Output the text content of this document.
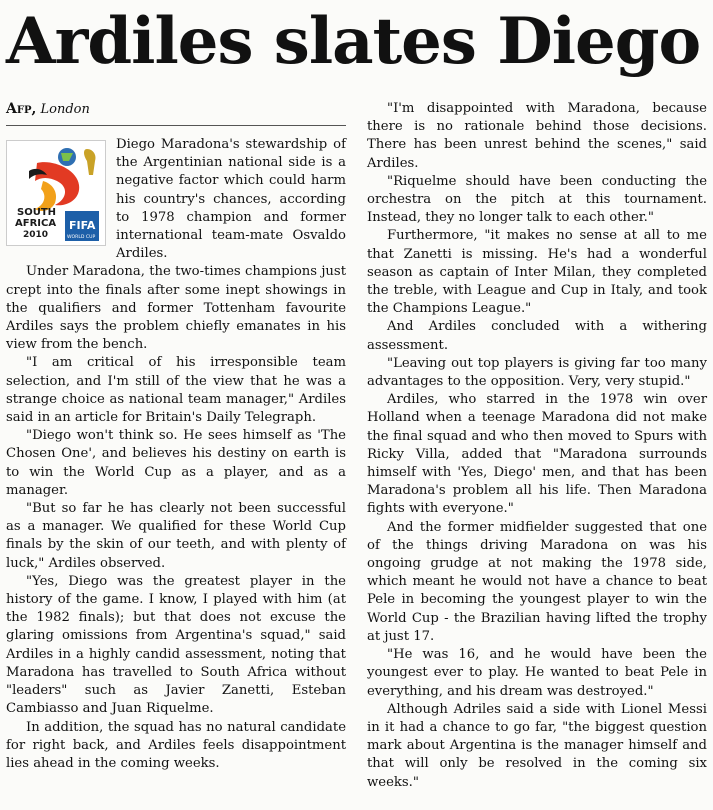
Ardiles slates Diego
Afp, London
SOUTH
AFRICA
2010
FIFA
WORLD CUP

Diego Maradona's stewardship of the Argentinian national side is a negative factor which could harm his country's chances, according to 1978 champion and former international team-mate Osvaldo Ardiles.

Under Maradona, the two-times champions just crept into the finals after some inept showings in the qualifiers and former Tottenham favourite Ardiles says the problem chiefly emanates in his view from the bench.

"I am critical of his irresponsible team selection, and I'm still of the view that he was a strange choice as national team manager," Ardiles said in an article for Britain's Daily Telegraph.

"Diego won't think so. He sees himself as 'The Chosen One', and believes his destiny on earth is to win the World Cup as a player, and as a manager.

"But so far he has clearly not been successful as a manager. We qualified for these World Cup finals by the skin of our teeth, and with plenty of luck," Ardiles observed.

"Yes, Diego was the greatest player in the history of the game. I know, I played with him (at the 1982 finals); but that does not excuse the glaring omissions from Argentina's squad," said Ardiles in a highly candid assessment, noting that Maradona has travelled to South Africa without "leaders" such as Javier Zanetti, Esteban Cambiasso and Juan Riquelme.

In addition, the squad has no natural candidate for right back, and Ardiles feels disappointment lies ahead in the coming weeks.

"I'm disappointed with Maradona, because there is no rationale behind those decisions. There has been unrest behind the scenes," said Ardiles.

"Riquelme should have been conducting the orchestra on the pitch at this tournament. Instead, they no longer talk to each other."

Furthermore, "it makes no sense at all to me that Zanetti is missing. He's had a wonderful season as captain of Inter Milan, they completed the treble, with League and Cup in Italy, and took the Champions League."

And Ardiles concluded with a withering assessment.

"Leaving out top players is giving far too many advantages to the opposition. Very, very stupid."

Ardiles, who starred in the 1978 win over Holland when a teenage Maradona did not make the final squad and who then moved to Spurs with Ricky Villa, added that "Maradona surrounds himself with 'Yes, Diego' men, and that has been Maradona's problem all his life. Then Maradona fights with everyone."

And the former midfielder suggested that one of the things driving Maradona on was his ongoing grudge at not making the 1978 side, which meant he would not have a chance to beat Pele in becoming the youngest player to win the World Cup - the Brazilian having lifted the trophy at just 17.

"He was 16, and he would have been the youngest ever to play. He wanted to beat Pele in everything, and his dream was destroyed."

Although Adriles said a side with Lionel Messi in it had a chance to go far, "the biggest question mark about Argentina is the manager himself and that will only be resolved in the coming six weeks."
